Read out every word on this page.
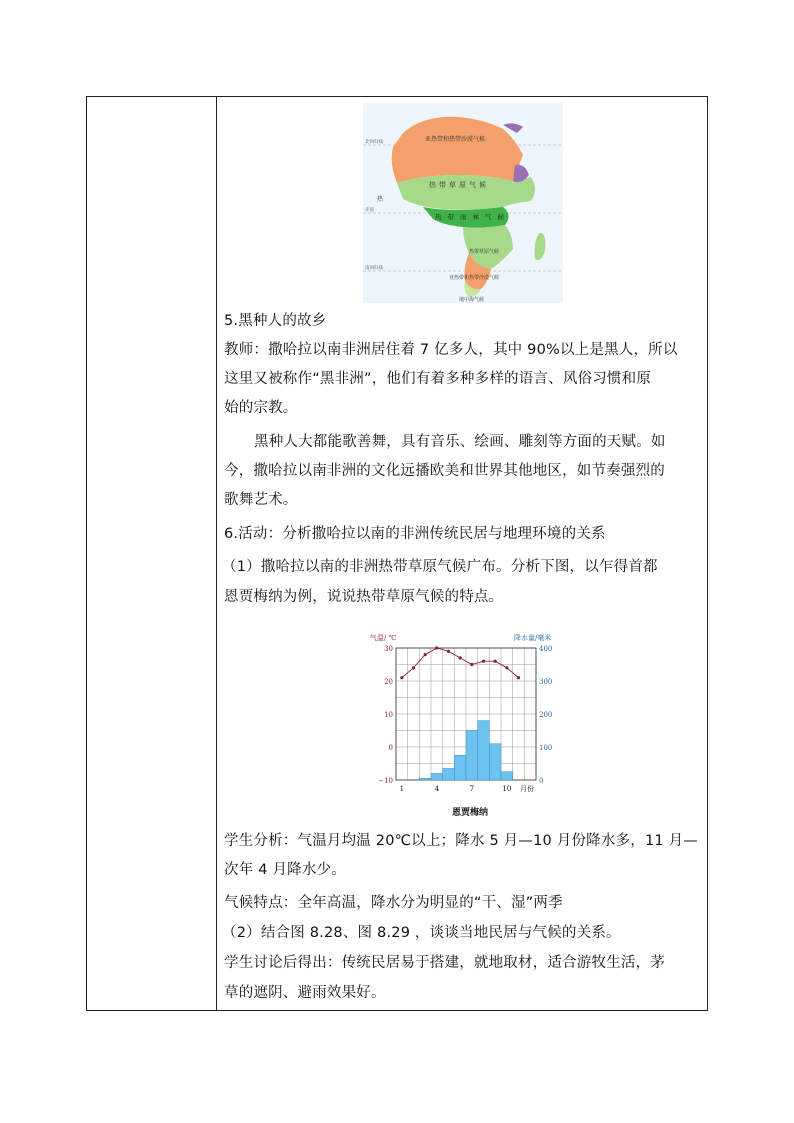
亚热带和热带沙漠气候
热带草原气候
热带雨林气候
热带草原气候
亚热带和热带沙漠气候
地中海气候
北回归线
热
赤道
南回归线

5.黑种人的故乡

教师：撒哈拉以南非洲居住着 7 亿多人，其中 90%以上是黑人，所以

这里又被称作“黑非洲”，他们有着多种多样的语言、风俗习惯和原

始的宗教。

黑种人大都能歌善舞，具有音乐、绘画、雕刻等方面的天赋。如

今，撒哈拉以南非洲的文化远播欧美和世界其他地区，如节奏强烈的

歌舞艺术。

6.活动：分析撒哈拉以南的非洲传统民居与地理环境的关系

（1）撒哈拉以南的非洲热带草原气候广布。分析下图，以乍得首都

恩贾梅纳为例，说说热带草原气候的特点。

气温/ ℃	降水量/毫米
30
20
10
0
−10
400
300
200
100
0
1	4	7	10 月份
恩贾梅纳

学生分析：气温月均温 20℃以上；降水 5 月—10 月份降水多，11 月—

次年 4 月降水少。

气候特点：全年高温，降水分为明显的“干、湿”两季

（2）结合图 8.28、图 8.29 ，谈谈当地民居与气候的关系。

学生讨论后得出：传统民居易于搭建，就地取材，适合游牧生活，茅

草的遮阴、避雨效果好。
